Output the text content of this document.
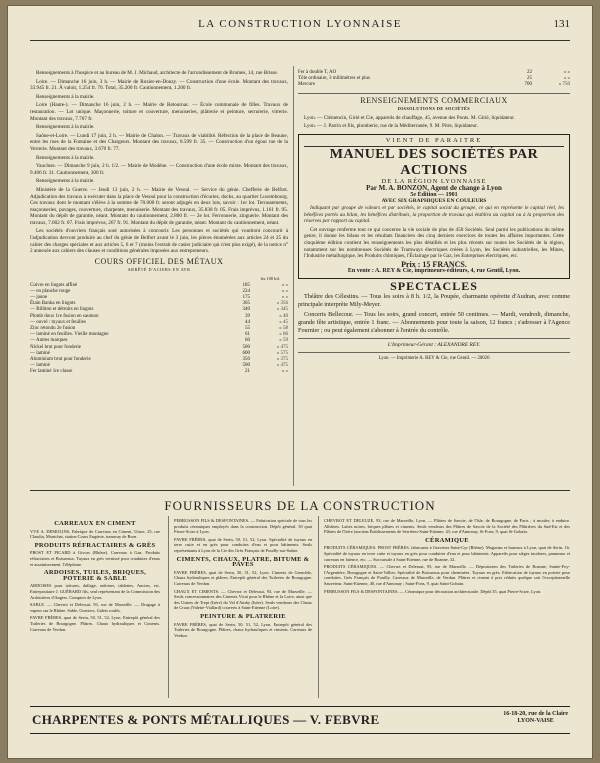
LA CONSTRUCTION LYONNAISE	131

Renseignements à l'hospice et au bureau de M. J. Michaud, architecte de l'arrondissement de Brumes, 14, rue Brisse.

Loire. — Dimanche 16 juin, 3 h. — Mairie de Rozier-en-Donzy. — Construction d'une école. Montant des travaux, 33.945 fr. 21. À valoir, 1.254 fr. 70. Total, 35.200 fr. Cautionnement, 1.200 fr.

Renseignements à la mairie.

Loire (Haute-). — Dimanche 16 juin, 2 h. — Mairie de Retournac. — École communale de filles. Travaux de restauration. — Lot unique. Maçonnerie, toiture et couverture, menuiseries, plâtrerie et peinture, serrurerie, vitrerie. Montant des travaux, 7.767 fr.

Renseignements à la mairie.

Saône-et-Loire. — Lundi 17 juin, 2 h. — Mairie de Chalon. — Travaux de viabilité. Réfection de la place de Beaune, entre les rues de la Fontaine et des Chargeurs. Montant des travaux, 8.599 fr. 35. — Construction d'un égout rue de la Verrerie. Montant des travaux, 3.670 fr. 77.

Renseignements à la mairie.

Vaucluse. — Dimanche 9 juin, 2 h. 1/2. — Mairie de Modène. — Construction d'une école mixte. Montant des travaux, 9.406 fr. 31. Cautionnement, 300 fr.

Renseignements à la mairie.

Ministère de la Guerre. — Jeudi 13 juin, 2 h. — Mairie de Vesoul. — Service du génie. Chefferie de Belfort. Adjudication des travaux à exécuter dans la place de Vesoul pour la construction d'écuries, docks, au quartier Luxembourg. Ces travaux dont le montant s'élève à la somme de 70.000 fr. seront adjugés en deux lots, savoir : 1er lot. Terrassements, maçonneries, pavages, couverture, charpente, menuiserie. Montant des travaux, 35.838 fr. 05. Frais imprévus, 1.161 fr. 95. Montant du dépôt de garantie, néant. Montant du cautionnement, 2.800 fr. — 2e lot. Ferronnerie, zinguerie. Montant des travaux, 7.002 fr. 07. Frais imprévus, 267 fr. 91. Montant du dépôt de garantie, néant. Montant du cautionnement, néant.

Les sociétés d'ouvriers français sont autorisées à concourir. Les personnes et sociétés qui voudront concourir à l'adjudication devront produire au chef du génie de Belfort avant le 3 juin, les pièces énumérées aux articles 24 et 25 du cahier des charges spéciales et aux articles 5, 6 et 7 (moins l'extrait de casier judiciaire qui n'est plus exigé), de la notice n° 2 annexée aux cahiers des clauses et conditions générales imposées aux entrepreneurs.

COURS OFFICIEL DES MÉTAUX
ARRÊTÉ D'ACIERS EN AVR
les 100 kil.
Cuivre en lingots affiné	185	» »
— en planche rouge	224	» »
— jaune	175	» »
Étain Banka en lingots	365	» 356
— Billiton et détroits en lingots	340	» 345
Plomb doux 1re fusion en saumon	39	» 40
— ouvré : tuyaux et feuilles	44	» 45
Zinc retondu 2e fusion	55	» 58
— laminé en feuilles. Vieille montagne	61	» 66
— Autres marques	60	» 59
Nickel brut pour fonderie	500	» 475
— laminé	600	» 575
Aluminium brut pour fonderie	350	» 375
— laminé	500	» 475
Fer laminé 1re classe	21	» »
Fer à double T, AO	22	» »
Tôle ordinaire, 3 millimètres et plus	25	» »
Mercure	700	» 750
RENSEIGNEMENTS COMMERCIAUX
DISSOLUTIONS DE SOCIÉTÉS

Lyon. — Clémencin, Girié et Cie, appareils de chauffage, 45, avenue des Ponts. M. Girié, liquidateur.

Lyon. — J. Parrin et fils, plomberie, rue de la Méditerranée, 9. M. Pitre, liquidateur.

VIENT DE PARAITRE
MANUEL DES SOCIÉTÉS PAR ACTIONS
DE LA RÉGION LYONNAISE
Par M. A. BONZON, Agent de change à Lyon
5e Édition — 1901
AVEC SIX GRAPHIQUES EN COULEURS

Indiquant par groupe de valeurs et par sociétés, le capital social du groupe, ce qui en représente le capital réel, les bénéfices portés au bilan, les bénéfices distribués, la proportion de travaux qui établira au capital ou à la proportion des réserves par rapport au capital.

Cet ouvrage renferme tout ce qui concerne la vie sociale de plus de 450 Sociétés. Seul parmi les publications du même genre, il donne les bilans et les résultats financiers des cinq derniers exercices de toutes les affaires importantes. Cette cinquième édition contient les renseignements les plus détaillés et les plus récents sur toutes les Sociétés de la région, notamment sur les nombreuses Sociétés de Tramways électriques créées à Lyon, les Sociétés industrielles, les Mines, l'Industrie métallurgique, les Produits chimiques, l'Éclairage par le Gaz, les Entreprises électriques, etc.

Prix : 15 FRANCS.
En vente : A. REY & Cie, imprimeurs-éditeurs, 4, rue Gentil, Lyon.
SPECTACLES

Théâtre des Célestins. — Tous les soirs à 8 h. 1/2, la Poupée, charmante opérette d'Audran, avec comme principale interprète Mily-Meyer.

Concerts Bellecour. — Tous les soirs, grand concert, entrée 50 centimes. — Mardi, vendredi, dimanche, grande fête artistique, entrée 1 franc. — Abonnements pour toute la saison, 12 francs ; s'adresser à l'Agence Fournier ; ou peut également s'abonner à l'entrée du contrôle.

L'Imprimeur-Gérant : ALEXANDRE REY.
Lyon. — Imprimerie A. REY & Cie, rue Gentil. — 20026
FOURNISSEURS DE LA CONSTRUCTION
CARREAUX EN CIMENT

VVE A. DEMOLINS, Fabrique de Carreaux en Ciment, Usine, 25, rue Claudia, Montchat, station Cours Eugénie, tramway de Bron.

PRODUITS RÉFRACTAIRES & GRÈS

PROST ET PICARD à Givors (Rhône). Carreaux à Gaz. Produits réfractaires et Boisseaux. Tuyaux en grès vernissé pour conduites d'eaux et assainissement. Téléphone.

ARDOISES, TUILES, BRIQUES, POTERIE & SABLE

ARDOISES pour toitures, dallage, ardoises, tablettes, Ancien, etc. Entrepositaire J. GUÉRARD fils, seul représentant de la Commission des Ardoisières d'Angers. Comptoir de Lyon.

SABLE. — Chevrot et Delessut, 93, rue de Marseille. — Dragage à vapeur sur le Rhône. Sable, Graviers, Galets roulés.

FAVRE FRÈRES, quai de Serin, 50, 51, 52, Lyon. Entrepôt général des Tuileries de Bourgogne. Plâtres. Chaux hydrauliques et Ciments. Carreaux de Verdun.

PERRUSSON FILS & DESFONTAINES. — Fabrication spéciale de tous les produits céramiques employés dans la construction. Dépôt général, 30 quai Pierre-Scize à Lyon.

FAVRE FRÈRES, quai de Serin, 50, 51, 52, Lyon. Spécialité de tuyaux en terre cuite et en grès pour conduites d'eau et pour bâtiments. Seuls représentants à Lyon de la Cie des Grès Français de Pouilly-sur-Saône.

CIMENTS, CHAUX, PLATRE, BITUME & PAVES

FAVRE FRÈRES, quai de Serin, 50, 51, 52, Lyon. Ciments de Grenoble, Chaux hydrauliques et plâtres. Entrepôt général des Tuileries de Bourgogne. Carreaux de Verdun.

CHAUX ET CIMENTS. — Chevrot et Delessut, 93, rue de Marseille. — Seuls concessionnaires des Ciments Vicat pour le Rhône et la Loire, ainsi que des Usines de Trept (Isère) du Val d'Amby (Isère). Seuls vendeurs des Chaux de Cruas (Valette-Viallard) couverts à Saint-Etienne (Loire).

PEINTURE & PLATRERIE

FAVRE FRÈRES, quai de Serin, 50, 51, 52, Lyon. Entrepôt général des Tuileries de Bourgogne. Plâtres, chaux hydrauliques et ciments. Carreaux de Verdun.

CHEVROT ET DELEUZE, 93, rue de Marseille, Lyon. — Plâtres de Savoie, de l'Isle, de Bourgogne, de Paris ; à mouler, à enduire. Albâtres. Lattes noires, briques plâtres et ciments. Seuls vendeurs des Plâtres de Savoie de la Société des Plâtrières du Sud-Est et des Plâtres de l'Isère (anciens Établissements de Serrières-Saint-Etienne, 43, rue d'Annonay, St-Fons, 9, quai St-Gobain.

CÉRAMIQUE

PRODUITS CÉRAMIQUES. PROST FRÈRES, fabricants à Gravieux-Saint-Cyr (Rhône). Magasins et bureaux à Lyon, quai de Serin, 16. Spécialité de tuyaux en terre cuite et tuyaux en grès pour conduites d'eau et pour bâtiments. Appareils pour sièges inodores, panneaux et carreaux en faïence, etc. — Succursale à Saint-Etienne, rue de Roanne, 32.

PRODUITS CÉRAMIQUES. — Chevrot et Delessut, 93, rue de Marseille. — Dépositaires des Tuileries de Roanne, Sainte-Foy-l'Argentière, Bourgogne et Saint-Vallier. Spécialité de Boisseaux pour cheminées. Tuyaux en grès. Fabrication de tuyaux en poterie pour conduites. Grès Français de Pouilly. Carreaux de Marseille, de Verdun. Plâtres et ciment à prix réduits quelque soit l'exceptionnelle Sauveteur. Saint-Etienne, 40, rue d'Annonay ; Saint-Fons, 9, quai Saint-Gobain.

PERRUSSON FILS & DESFONTAINES. — Céramique pour décoration architecturale. Dépôt 35, quai Pierre-Scize, Lyon.

CHARPENTES & PONTS MÉTALLIQUES — V. FEBVRE	16-18-20, rue de la Claire
LYON-VAISE
